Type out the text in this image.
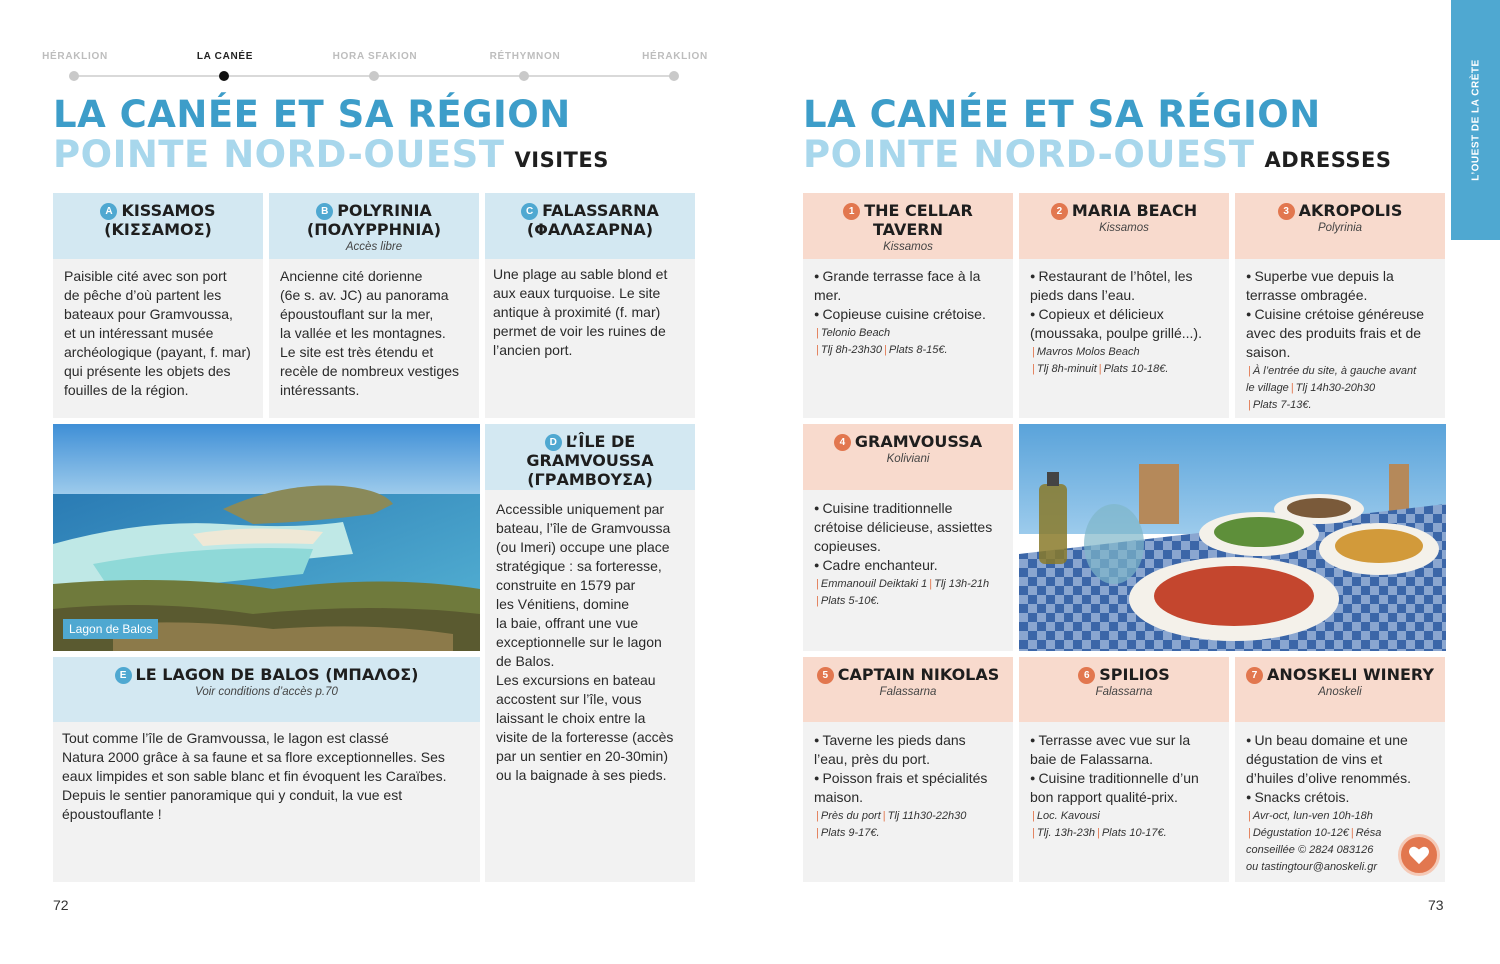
HÉRAKLION	LA CANÉE	HORA SFAKION	RÉTHYMNON	HÉRAKLION
LA CANÉE ET SA RÉGION
POINTE NORD-OUEST VISITES
LA CANÉE ET SA RÉGION
POINTE NORD-OUEST ADRESSES	L’OUEST DE LA CRÈTE
A KISSAMOS
(ΚΙΣΣΑΜΟΣ)

Paisible cité avec son port

de pêche d’où partent les

bateaux pour Gramvoussa,

et un intéressant musée

archéologique (payant, f. mar)

qui présente les objets des

fouilles de la région.

B POLYRINIA
(ΠΟΛΥΡΡΗΝΙΑ)
Accès libre

Ancienne cité dorienne

(6e s. av. JC) au panorama

époustouflant sur la mer,

la vallée et les montagnes.

Le site est très étendu et

recèle de nombreux vestiges

intéressants.

C FALASSARNA
(ΦΑΛΑΣΑΡΝΑ)

Une plage au sable blond et

aux eaux turquoise. Le site

antique à proximité (f. mar)

permet de voir les ruines de

l’ancien port.

Lagon de Balos
D L’ÎLE DE
GRAMVOUSSA
(ΓΡΑΜΒΟΥΣΑ)

Accessible uniquement par

bateau, l’île de Gramvoussa

(ou Imeri) occupe une place

stratégique : sa forteresse,

construite en 1579 par

les Vénitiens, domine

la baie, offrant une vue

exceptionnelle sur le lagon

de Balos.

Les excursions en bateau

accostent sur l’île, vous

laissant le choix entre la

visite de la forteresse (accès

par un sentier en 20-30min)

ou la baignade à ses pieds.

E LE LAGON DE BALOS (ΜΠΑΛΟΣ)
Voir conditions d’accès p.70

Tout comme l’île de Gramvoussa, le lagon est classé

Natura 2000 grâce à sa faune et sa flore exceptionnelles. Ses

eaux limpides et son sable blanc et fin évoquent les Caraïbes.

Depuis le sentier panoramique qui y conduit, la vue est

époustouflante !

72
1 THE CELLAR
TAVERN
Kissamos

● Grande terrasse face à la

mer.

● Copieuse cuisine crétoise.

| Telonio Beach
| Tlj 8h-23h30 | Plats 8-15€.
2 MARIA BEACH
Kissamos

● Restaurant de l’hôtel, les

pieds dans l’eau.

● Copieux et délicieux

(moussaka, poulpe grillé...).

| Mavros Molos Beach
| Tlj 8h-minuit | Plats 10-18€.
3 AKROPOLIS
Polyrinia

● Superbe vue depuis la

terrasse ombragée.

● Cuisine crétoise généreuse

avec des produits frais et de

saison.

| À l’entrée du site, à gauche avant
le village | Tlj 14h30-20h30
| Plats 7-13€.
4 GRAMVOUSSA
Koliviani

● Cuisine traditionnelle

crétoise délicieuse, assiettes

copieuses.

● Cadre enchanteur.

| Emmanouil Deiktaki 1 | Tlj 13h-21h
| Plats 5-10€.
5 CAPTAIN NIKOLAS
Falassarna

● Taverne les pieds dans

l’eau, près du port.

● Poisson frais et spécialités

maison.

| Près du port | Tlj 11h30-22h30
| Plats 9-17€.
6 SPILIOS
Falassarna

● Terrasse avec vue sur la

baie de Falassarna.

● Cuisine traditionnelle d’un

bon rapport qualité-prix.

| Loc. Kavousi
| Tlj. 13h-23h | Plats 10-17€.
7 ANOSKELI WINERY
Anoskeli

● Un beau domaine et une

dégustation de vins et

d’huiles d’olive renommés.

● Snacks crétois.

| Avr-oct, lun-ven 10h-18h
| Dégustation 10-12€ | Résa
conseillée © 2824 083126
ou tastingtour@anoskeli.gr
73
